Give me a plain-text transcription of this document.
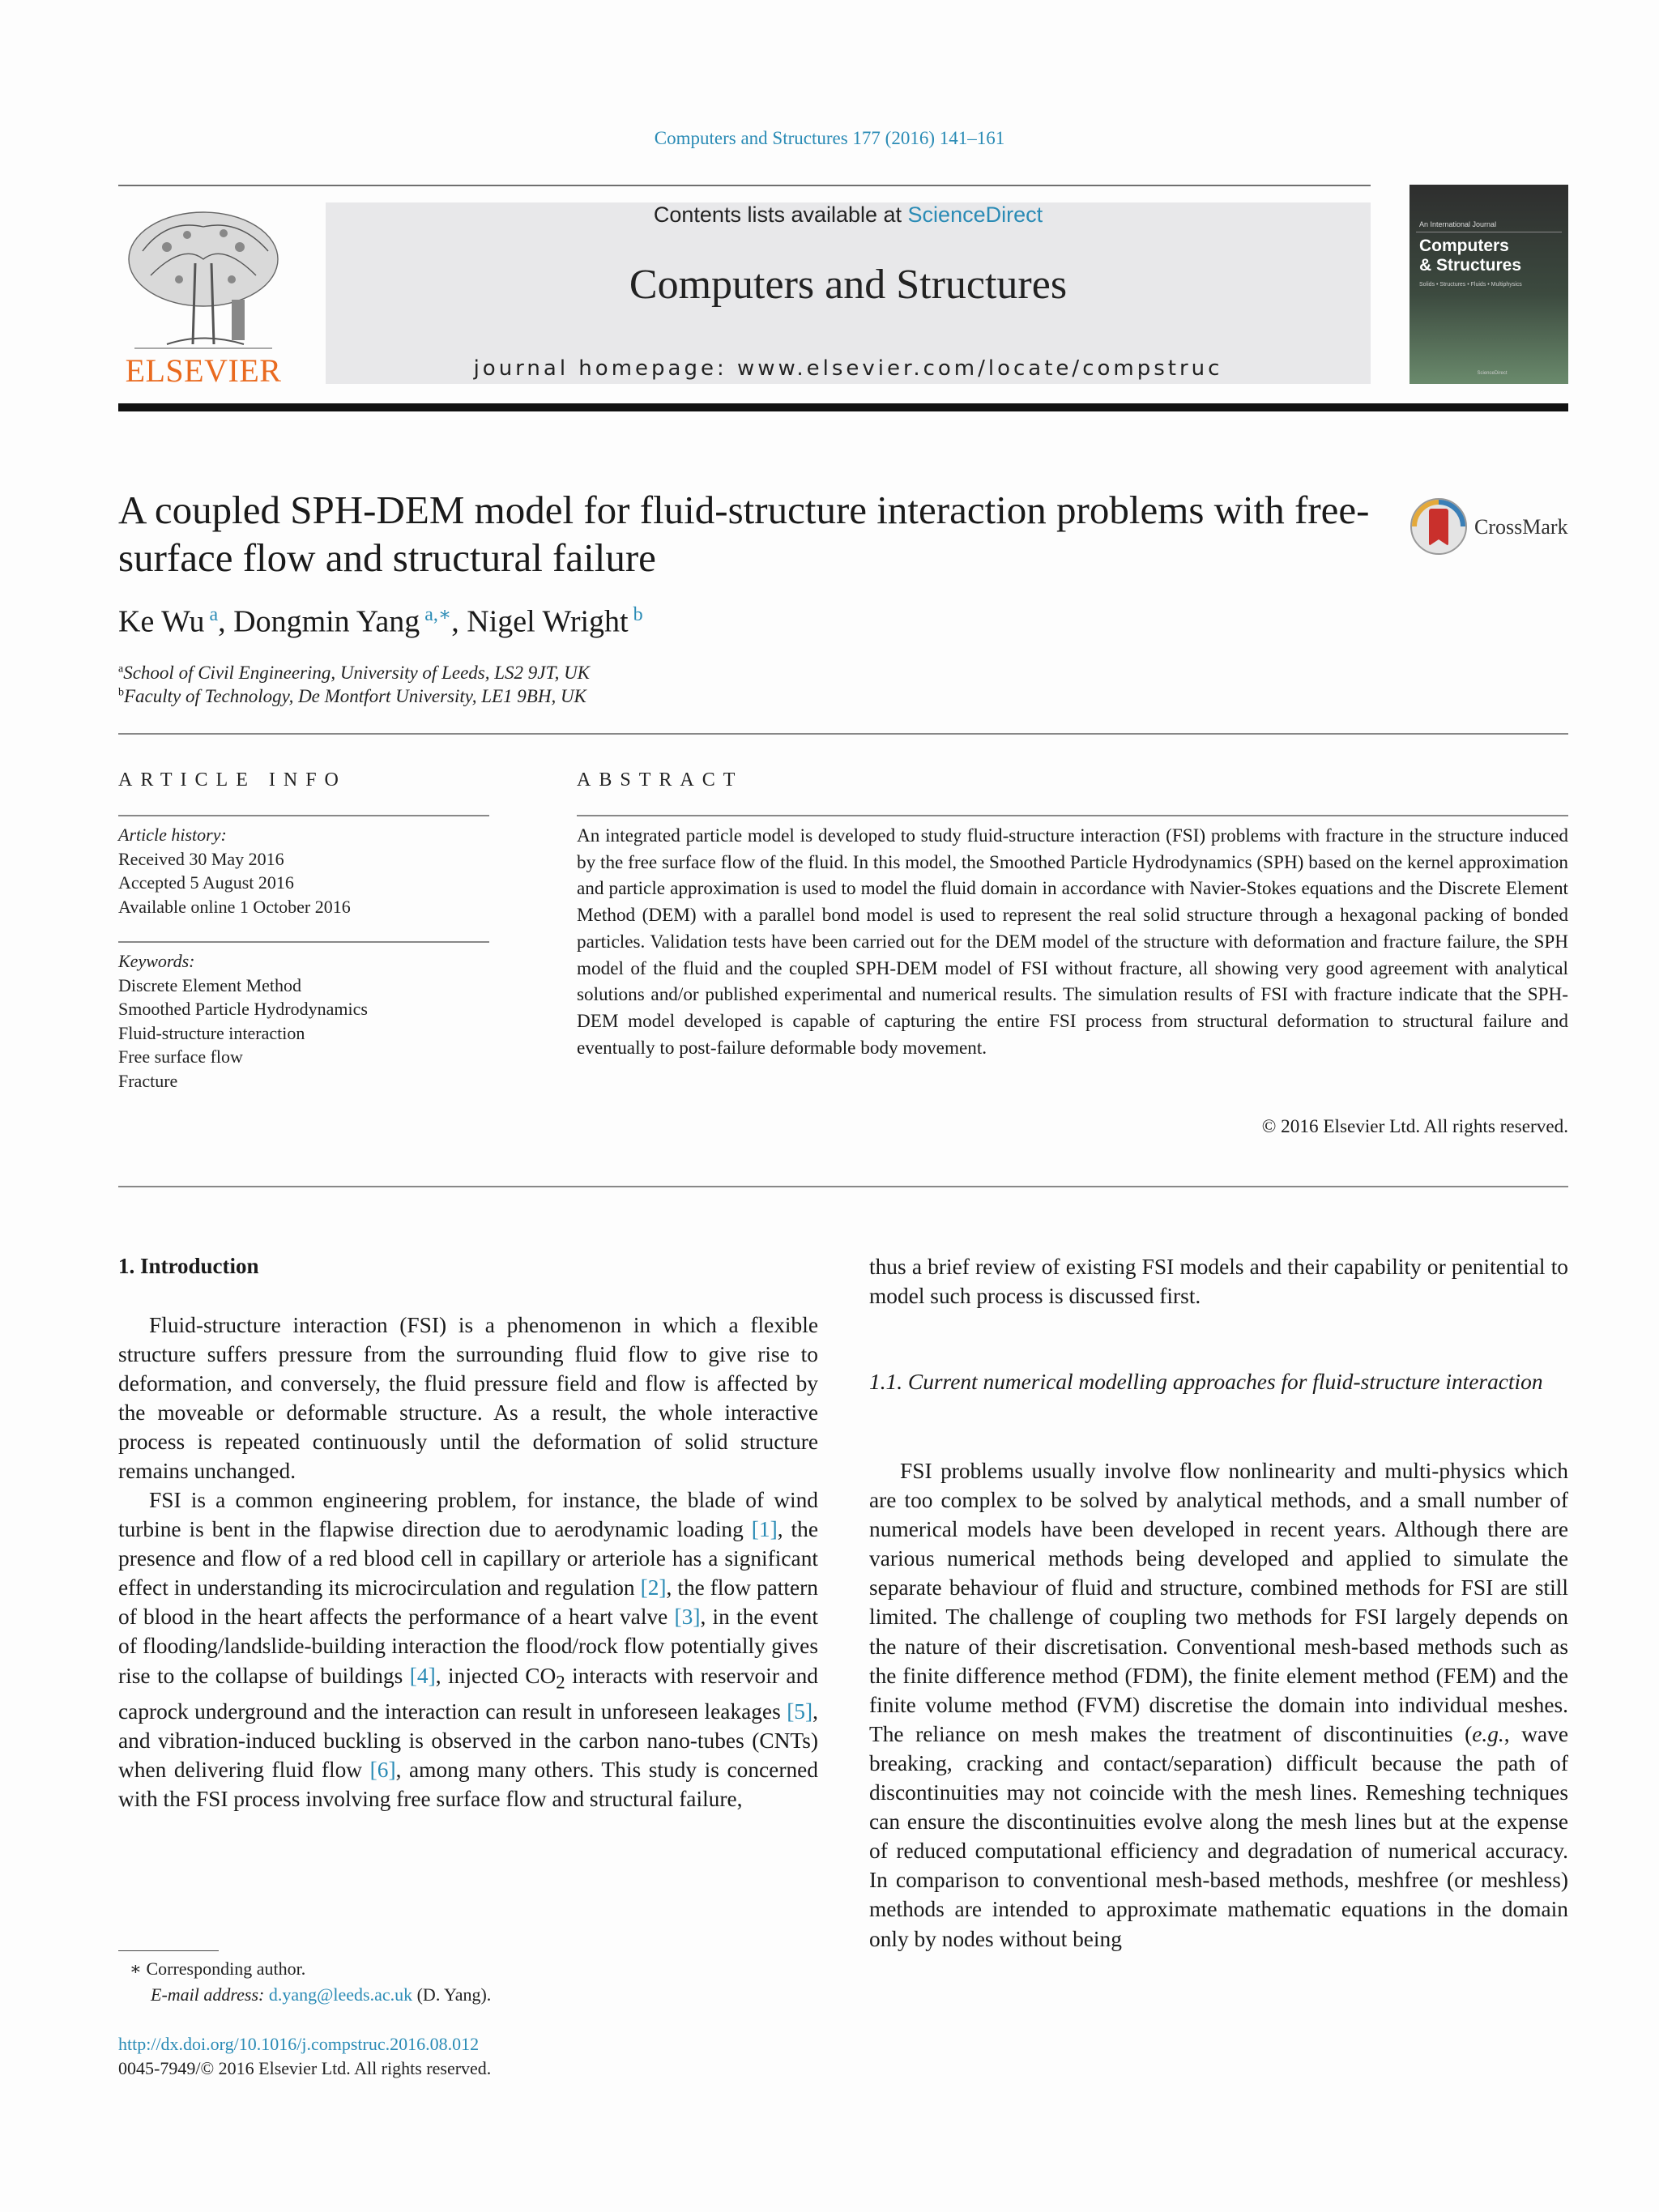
Computers and Structures 177 (2016) 141–161
ELSEVIER
Contents lists available at ScienceDirect
Computers and Structures
journal homepage: www.elsevier.com/locate/compstruc
An International Journal
Computers
& Structures
Solids • Structures • Fluids • Multiphysics
ScienceDirect
A coupled SPH-DEM model for fluid-structure interaction problems with free-surface flow and structural failure
CrossMark
Ke Wu $^a$, Dongmin Yang $^{a,∗}$, Nigel Wright $^b$
$^a$School of Civil Engineering, University of Leeds, LS2 9JT, UK
$^b$Faculty of Technology, De Montfort University, LE1 9BH, UK
ARTICLE INFO	ABSTRACT
Article history:
Received 30 May 2016
Accepted 5 August 2016
Available online 1 October 2016
Keywords:
Discrete Element Method
Smoothed Particle Hydrodynamics
Fluid-structure interaction
Free surface flow
Fracture
An integrated particle model is developed to study fluid-structure interaction (FSI) problems with fracture in the structure induced by the free surface flow of the fluid. In this model, the Smoothed Particle Hydrodynamics (SPH) based on the kernel approximation and particle approximation is used to model the fluid domain in accordance with Navier-Stokes equations and the Discrete Element Method (DEM) with a parallel bond model is used to represent the real solid structure through a hexagonal packing of bonded particles. Validation tests have been carried out for the DEM model of the structure with deformation and fracture failure, the SPH model of the fluid and the coupled SPH-DEM model of FSI without fracture, all showing very good agreement with analytical solutions and/or published experimental and numerical results. The simulation results of FSI with fracture indicate that the SPH-DEM model developed is capable of capturing the entire FSI process from structural deformation to structural failure and eventually to post-failure deformable body movement.
© 2016 Elsevier Ltd. All rights reserved.
1. Introduction
Fluid-structure interaction (FSI) is a phenomenon in which a flexible structure suffers pressure from the surrounding fluid flow to give rise to deformation, and conversely, the fluid pressure field and flow is affected by the moveable or deformable structure. As a result, the whole interactive process is repeated continuously until the deformation of solid structure remains unchanged.
FSI is a common engineering problem, for instance, the blade of wind turbine is bent in the flapwise direction due to aerodynamic loading [1], the presence and flow of a red blood cell in capillary or arteriole has a significant effect in understanding its microcirculation and regulation [2], the flow pattern of blood in the heart affects the performance of a heart valve [3], in the event of flooding/landslide-building interaction the flood/rock flow potentially gives rise to the collapse of buildings [4], injected $CO_2$ interacts with reservoir and caprock underground and the interaction can result in unforeseen leakages [5], and vibration-induced buckling is observed in the carbon nano-tubes (CNTs) when delivering fluid flow [6], among many others. This study is concerned with the FSI process involving free surface flow and structural failure,
thus a brief review of existing FSI models and their capability or penitential to model such process is discussed first.
1.1. Current numerical modelling approaches for fluid-structure interaction
FSI problems usually involve flow nonlinearity and multi-physics which are too complex to be solved by analytical methods, and a small number of numerical models have been developed in recent years. Although there are various numerical methods being developed and applied to simulate the separate behaviour of fluid and structure, combined methods for FSI are still limited. The challenge of coupling two methods for FSI largely depends on the nature of their discretisation. Conventional mesh-based methods such as the finite difference method (FDM), the finite element method (FEM) and the finite volume method (FVM) discretise the domain into individual meshes. The reliance on mesh makes the treatment of discontinuities (e.g., wave breaking, cracking and contact/separation) difficult because the path of discontinuities may not coincide with the mesh lines. Remeshing techniques can ensure the discontinuities evolve along the mesh lines but at the expense of reduced computational efficiency and degradation of numerical accuracy. In comparison to conventional mesh-based methods, meshfree (or meshless) methods are intended to approximate mathematic equations in the domain only by nodes without being
∗ Corresponding author.
E-mail address: d.yang@leeds.ac.uk (D. Yang).
http://dx.doi.org/10.1016/j.compstruc.2016.08.012
0045-7949/© 2016 Elsevier Ltd. All rights reserved.
